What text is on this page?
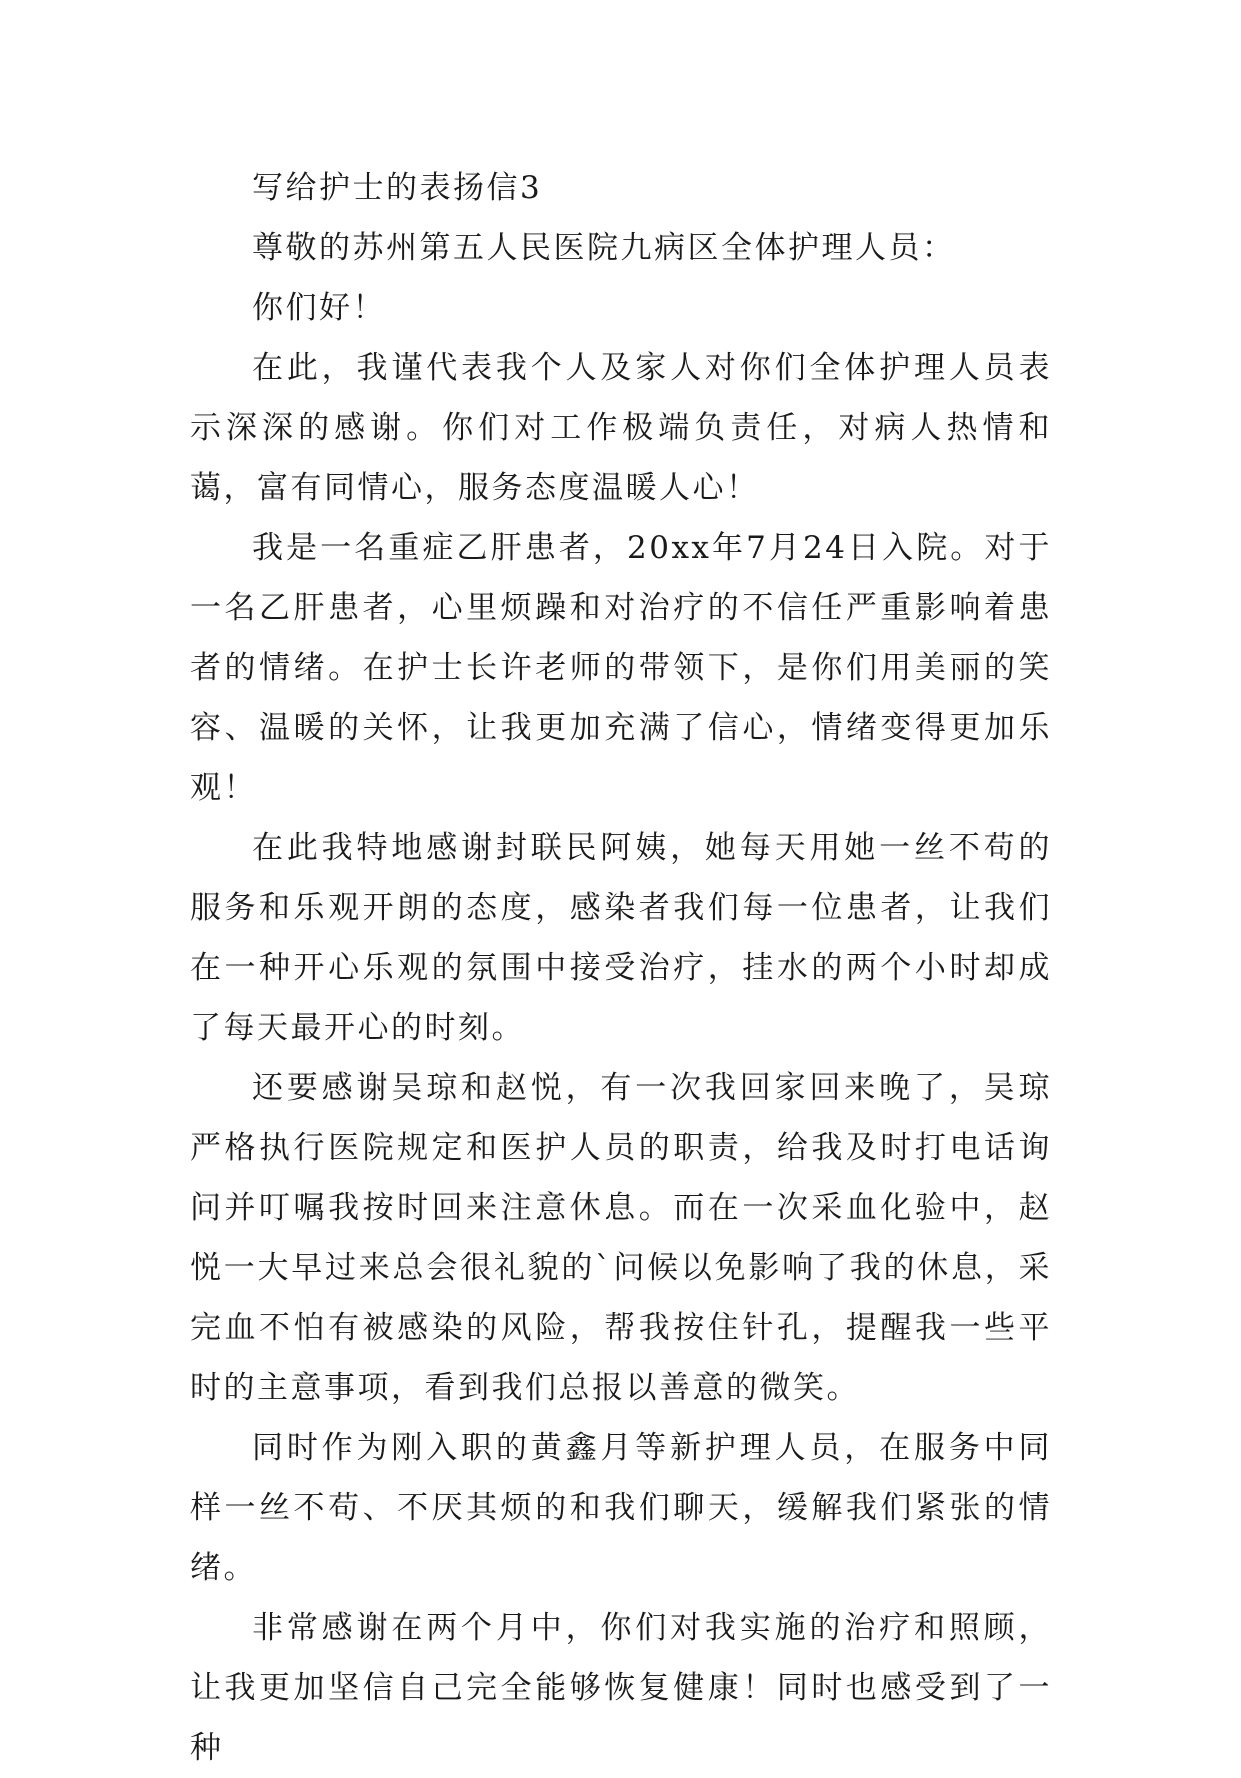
写给护士的表扬信3

尊敬的苏州第五人民医院九病区全体护理人员：

你们好！

在此，我谨代表我个人及家人对你们全体护理人员表示深深的感谢。你们对工作极端负责任，对病人热情和蔼，富有同情心，服务态度温暖人心！

我是一名重症乙肝患者，20xx年7月24日入院。对于一名乙肝患者，心里烦躁和对治疗的不信任严重影响着患者的情绪。在护士长许老师的带领下，是你们用美丽的笑容、温暖的关怀，让我更加充满了信心，情绪变得更加乐观！

在此我特地感谢封联民阿姨，她每天用她一丝不苟的服务和乐观开朗的态度，感染者我们每一位患者，让我们在一种开心乐观的氛围中接受治疗，挂水的两个小时却成了每天最开心的时刻。

还要感谢吴琼和赵悦，有一次我回家回来晚了，吴琼严格执行医院规定和医护人员的职责，给我及时打电话询问并叮嘱我按时回来注意休息。而在一次采血化验中，赵悦一大早过来总会很礼貌的`问候以免影响了我的休息，采完血不怕有被感染的风险，帮我按住针孔，提醒我一些平时的主意事项，看到我们总报以善意的微笑。

同时作为刚入职的黄鑫月等新护理人员，在服务中同样一丝不苟、不厌其烦的和我们聊天，缓解我们紧张的情绪。

非常感谢在两个月中，你们对我实施的治疗和照顾，让我更加坚信自己完全能够恢复健康！同时也感受到了一种
